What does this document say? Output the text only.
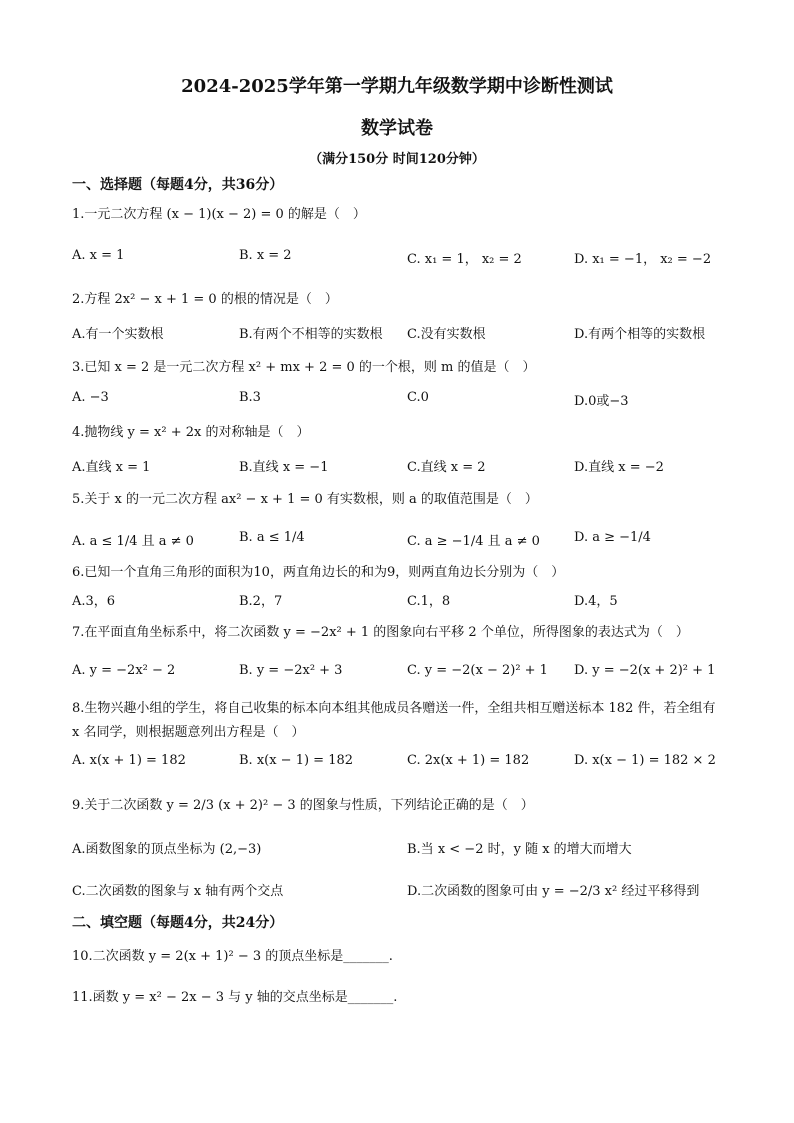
2024-2025学年第一学期九年级数学期中诊断性测试
数学试卷
（满分150分 时间120分钟）
一、选择题（每题4分，共36分）
1.一元二次方程 (x − 1)(x − 2) = 0 的解是（　）
A. x = 1	B. x = 2	C. x₁ = 1， x₂ = 2	D. x₁ = −1， x₂ = −2
2.方程 2x² − x + 1 = 0 的根的情况是（　）
A.有一个实数根	B.有两个不相等的实数根 C.没有实数根	D.有两个相等的实数根
3.已知 x = 2 是一元二次方程 x² + mx + 2 = 0 的一个根，则 m 的值是（　）
A. −3	B.3	C.0	D.0或−3
4.抛物线 y = x² + 2x 的对称轴是（　）
A.直线 x = 1	B.直线 x = −1	C.直线 x = 2	D.直线 x = −2
5.关于 x 的一元二次方程 ax² − x + 1 = 0 有实数根，则 a 的取值范围是（　）
A. a ≤ 1/4 且 a ≠ 0	B. a ≤ 1/4	C. a ≥ −1/4 且 a ≠ 0	D. a ≥ −1/4
6.已知一个直角三角形的面积为10，两直角边长的和为9，则两直角边长分别为（　）
A.3，6	B.2，7	C.1，8	D.4，5
7.在平面直角坐标系中，将二次函数 y = −2x² + 1 的图象向右平移 2 个单位，所得图象的表达式为（　）
A. y = −2x² − 2	B. y = −2x² + 3	C. y = −2(x − 2)² + 1 D. y = −2(x + 2)² + 1
8.生物兴趣小组的学生，将自己收集的标本向本组其他成员各赠送一件，全组共相互赠送标本 182 件，若全组有 x 名同学，则根据题意列出方程是（　）
A. x(x + 1) = 182	B. x(x − 1) = 182	C. 2x(x + 1) = 182	D. x(x − 1) = 182 × 2
9.关于二次函数 y = 2/3 (x + 2)² − 3 的图象与性质，下列结论正确的是（　）
A.函数图象的顶点坐标为 (2,−3)	B.当 x < −2 时，y 随 x 的增大而增大
C.二次函数的图象与 x 轴有两个交点	D.二次函数的图象可由 y = −2/3 x² 经过平移得到
二、填空题（每题4分，共24分）
10.二次函数 y = 2(x + 1)² − 3 的顶点坐标是_______.
11.函数 y = x² − 2x − 3 与 y 轴的交点坐标是_______.
